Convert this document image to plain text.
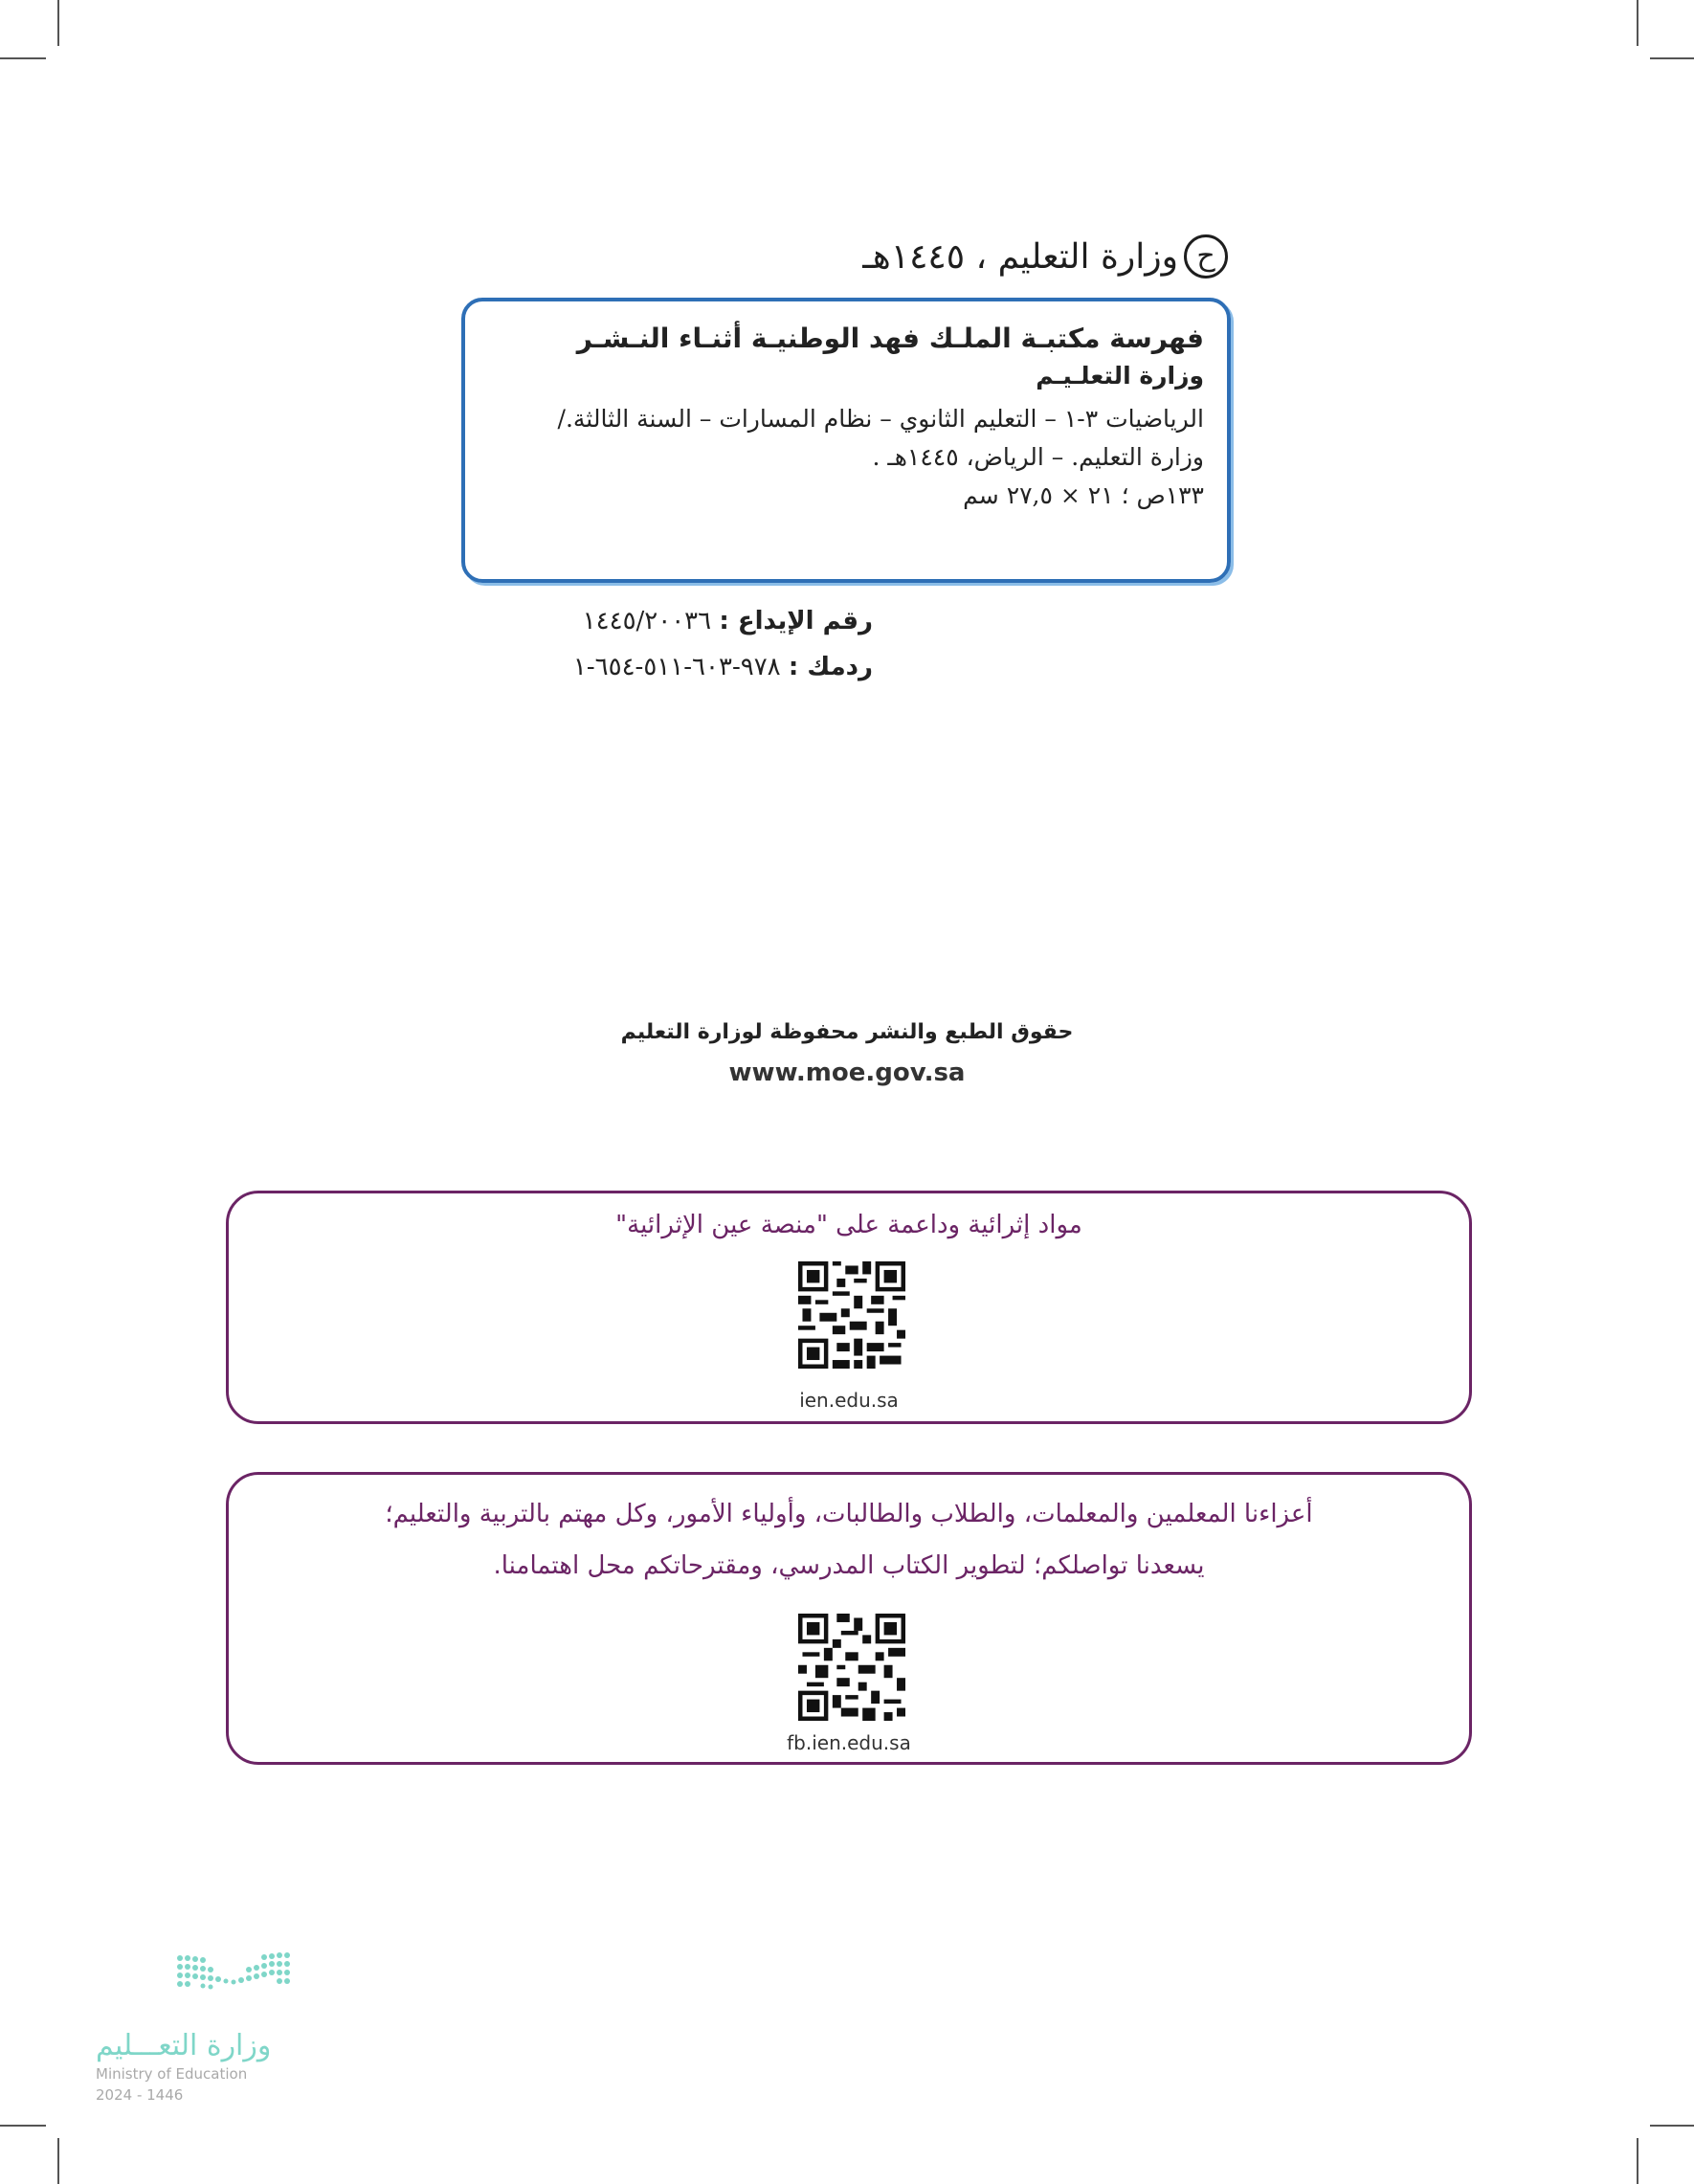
ح
وزارة التعليم ، ١٤٤٥هـ

فهرسة مكتبـة الملـك فهد الوطنيـة أثنـاء النـشـر

وزارة التعلـيـم

الرياضيات ٣-١ – التعليم الثانوي – نظام المسارات – السنة الثالثة./

وزارة التعليم. – الرياض، ١٤٤٥هـ .

١٣٣ص ؛ ٢١ × ٢٧,٥ سم

رقم الإيداع : ١٤٤٥/٢٠٠٣٦
ردمك : ٩٧٨-٦٠٣-٥١١-٦٥٤-١
حقوق الطبع والنشر محفوظة لوزارة التعليم
www.moe.gov.sa
مواد إثرائية وداعمة على "منصة عين الإثرائية"
ien.edu.sa
أعزاءنا المعلمين والمعلمات، والطلاب والطالبات، وأولياء الأمور، وكل مهتم بالتربية والتعليم؛
يسعدنا تواصلكم؛ لتطوير الكتاب المدرسي، ومقترحاتكم محل اهتمامنا.
fb.ien.edu.sa
وزارة التعـــليم
Ministry of Education
2024 - 1446
